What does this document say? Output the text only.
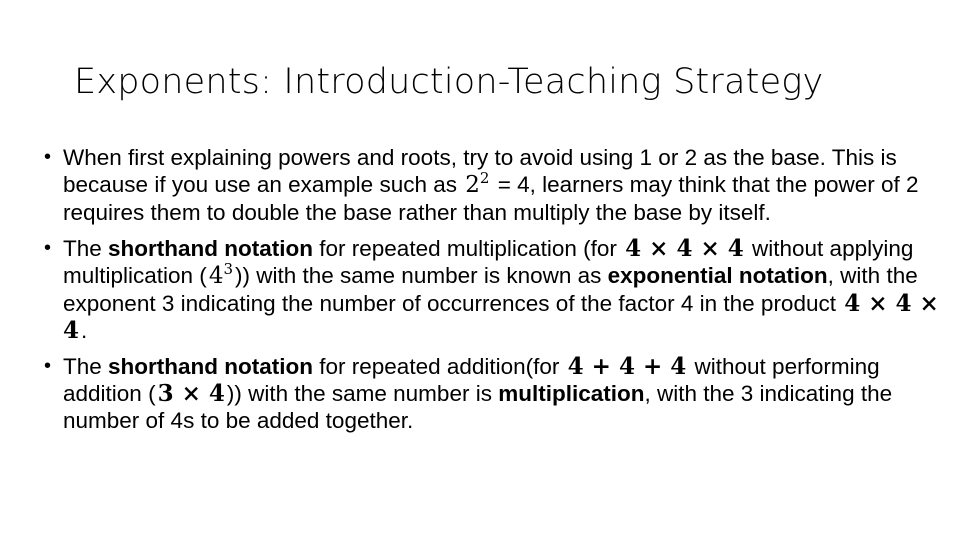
Exponents: Introduction-Teaching Strategy
• When first explaining powers and roots, try to avoid using 1 or 2 as the base. This is because if you use an example such as $2^2 = 4$, learners may think that the power of 2 requires them to double the base rather than multiply the base by itself.
• The shorthand notation for repeated multiplication (for 4 × 4 × 4 without applying multiplication $(4^3)$) with the same number is known as exponential notation, with the exponent 3 indicating the number of occurrences of the factor 4 in the product 4 × 4 × 4.
• The shorthand notation for repeated addition(for 4 + 4 + 4 without performing addition (3 × 4)) with the same number is multiplication, with the 3 indicating the number of 4s to be added together.
